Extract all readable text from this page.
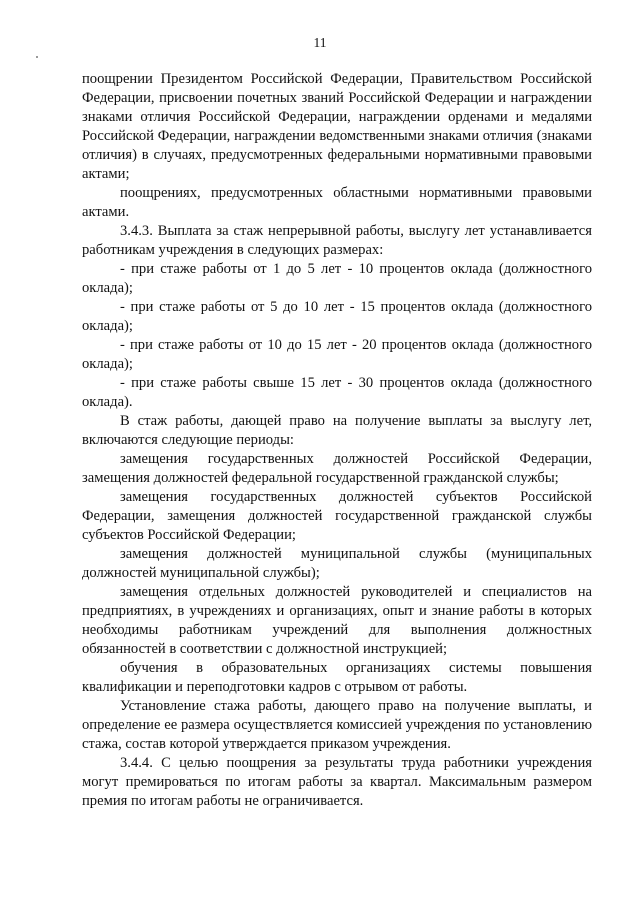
11

поощрении Президентом Российской Федерации, Правительством Российской Федерации, присвоении почетных званий Российской Федерации и награждении знаками отличия Российской Федерации, награждении орденами и медалями Российской Федерации, награждении ведомственными знаками отличия (знаками отличия) в случаях, предусмотренных федеральными нормативными правовыми актами;

поощрениях, предусмотренных областными нормативными правовыми актами.

3.4.3. Выплата за стаж непрерывной работы, выслугу лет устанавливается работникам учреждения в следующих размерах:

- при стаже работы от 1 до 5 лет - 10 процентов оклада (должностного оклада);

- при стаже работы от 5 до 10 лет - 15 процентов оклада (должностного оклада);

- при стаже работы от 10 до 15 лет - 20 процентов оклада (должностного оклада);

- при стаже работы свыше 15 лет - 30 процентов оклада (должностного оклада).

В стаж работы, дающей право на получение выплаты за выслугу лет, включаются следующие периоды:

замещения государственных должностей Российской Федерации, замещения должностей федеральной государственной гражданской службы;

замещения государственных должностей субъектов Российской Федерации, замещения должностей государственной гражданской службы субъектов Российской Федерации;

замещения должностей муниципальной службы (муниципальных должностей муниципальной службы);

замещения отдельных должностей руководителей и специалистов на предприятиях, в учреждениях и организациях, опыт и знание работы в которых необходимы работникам учреждений для выполнения должностных обязанностей в соответствии с должностной инструкцией;

обучения в образовательных организациях системы повышения квалификации и переподготовки кадров с отрывом от работы.

Установление стажа работы, дающего право на получение выплаты, и определение ее размера осуществляется комиссией учреждения по установлению стажа, состав которой утверждается приказом учреждения.

3.4.4. С целью поощрения за результаты труда работники учреждения могут премироваться по итогам работы за квартал. Максимальным размером премия по итогам работы не ограничивается.
